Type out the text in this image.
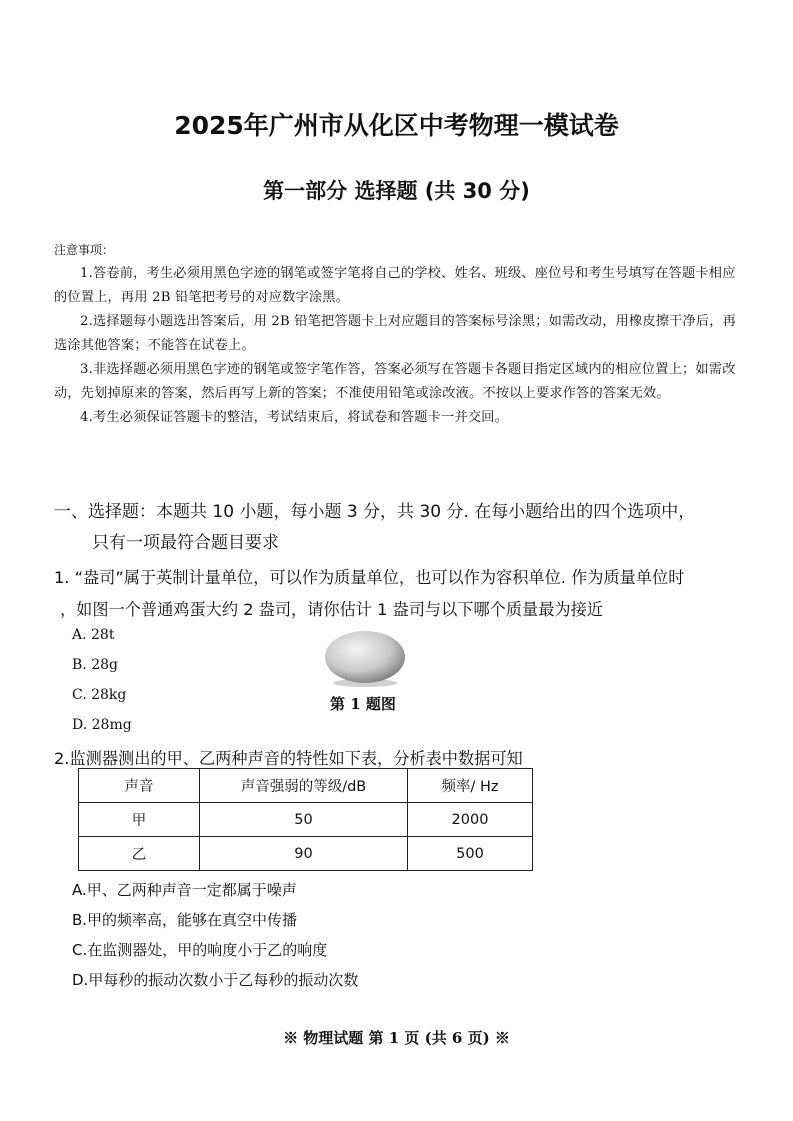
2025年广州市从化区中考物理一模试卷
第一部分 选择题 (共 30 分)
注意事项：

1.答卷前，考生必须用黑色字迹的钢笔或签字笔将自己的学校、姓名、班级、座位号和考生号填写在答题卡相应的位置上，再用 2B 铅笔把考号的对应数字涂黑。

2.选择题每小题选出答案后，用 2B 铅笔把答题卡上对应题目的答案标号涂黑；如需改动，用橡皮擦干净后，再选涂其他答案；不能答在试卷上。

3.非选择题必须用黑色字迹的钢笔或签字笔作答，答案必须写在答题卡各题目指定区域内的相应位置上；如需改动，先划掉原来的答案，然后再写上新的答案；不准使用铅笔或涂改液。不按以上要求作答的答案无效。

4.考生必须保证答题卡的整洁，考试结束后，将试卷和答题卡一并交回。

一、选择题：本题共 10 小题，每小题 3 分，共 30 分. 在每小题给出的四个选项中，
只有一项最符合题目要求
1. “盎司”属于英制计量单位，可以作为质量单位，也可以作为容积单位. 作为质量单位时
，如图一个普通鸡蛋大约 2 盎司，请你估计 1 盎司与以下哪个质量最为接近
A. 28t
B. 28g
C. 28kg
D. 28mg
第 1 题图
2.监测器测出的甲、乙两种声音的特性如下表，分析表中数据可知
声音	声音强弱的等级/dB	频率/ Hz
甲	50	2000
乙	90	500
A.甲、乙两种声音一定都属于噪声
B.甲的频率高，能够在真空中传播
C.在监测器处，甲的响度小于乙的响度
D.甲每秒的振动次数小于乙每秒的振动次数
※ 物理试题 第 1 页 (共 6 页) ※
